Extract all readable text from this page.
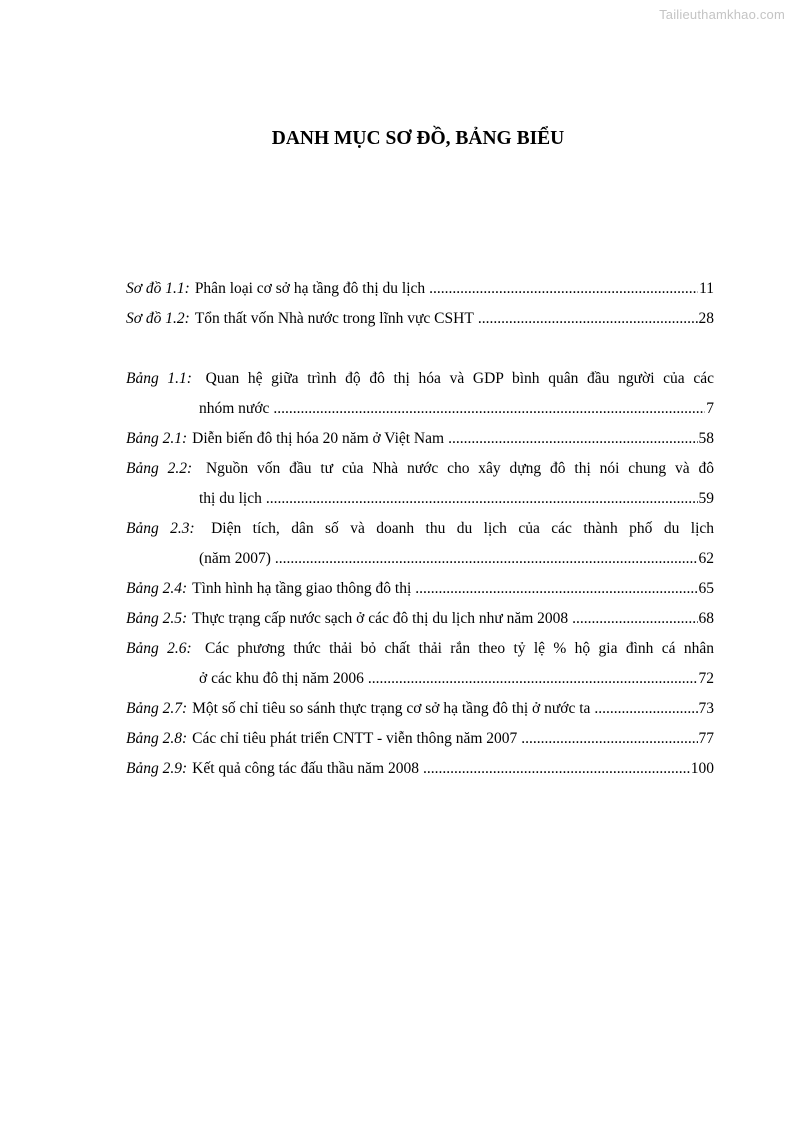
Tailieuthamkhao.com
DANH MỤC SƠ ĐỒ, BẢNG BIỂU
Sơ đồ 1.1: Phân loại cơ sở hạ tầng đô thị du lịch .....	11
Sơ đồ 1.2: Tổn thất vốn Nhà nước trong lĩnh vực CSHT .....	28
Bảng 1.1: Quan hệ giữa trình độ đô thị hóa và GDP bình quân đầu người của các
nhóm nước .....	7
Bảng 2.1: Diễn biến đô thị hóa 20 năm ở Việt Nam .....	58
Bảng 2.2: Nguồn vốn đầu tư của Nhà nước cho xây dựng đô thị nói chung và đô
thị du lịch .....	59
Bảng 2.3: Diện tích, dân số và doanh thu du lịch của các thành phố du lịch
(năm 2007) .....	62
Bảng 2.4: Tình hình hạ tầng giao thông đô thị .....	65
Bảng 2.5: Thực trạng cấp nước sạch ở các đô thị du lịch như năm 2008 .....	68
Bảng 2.6: Các phương thức thải bỏ chất thải rắn theo tỷ lệ % hộ gia đình cá nhân
ở các khu đô thị năm 2006 .....	72
Bảng 2.7: Một số chỉ tiêu so sánh thực trạng cơ sở hạ tầng đô thị ở nước ta .....	73
Bảng 2.8: Các chỉ tiêu phát triển CNTT - viễn thông năm 2007 .....	77
Bảng 2.9: Kết quả công tác đấu thầu năm 2008 .....	100
